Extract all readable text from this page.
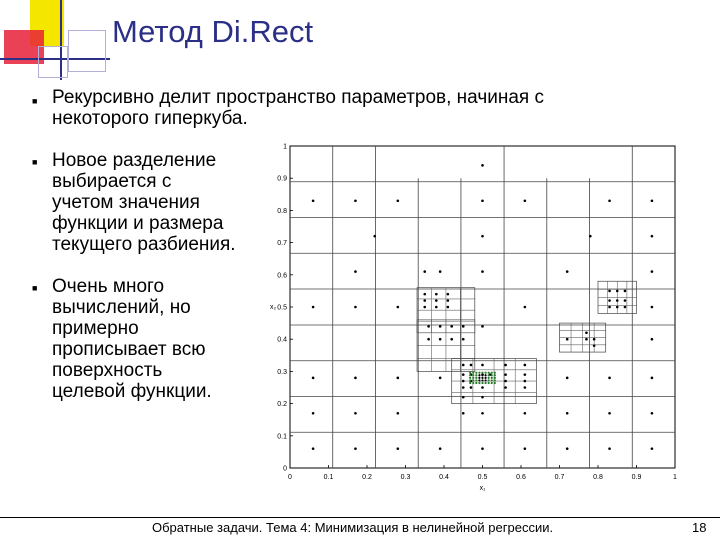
Метод Di.Rect
■ Рекурсивно делит пространство параметров, начиная с
некоторого гиперкуба.
■ Новое разделение
выбирается с
учетом значения
функции и размера
текущего разбиения.
■ Очень много
вычислений, но
примерно
прописывает всю
поверхность
целевой функции.
0	0.1	0.2	0.3	0.4	0.5	0.6	0.7	0.8	0.9	1
0
0.1
0.2
0.3
0.4
0.5
0.6
0.7
0.8
0.9
1
x₁
x₂
Обратные задачи. Тема 4: Минимизация в нелинейной регрессии.	18
